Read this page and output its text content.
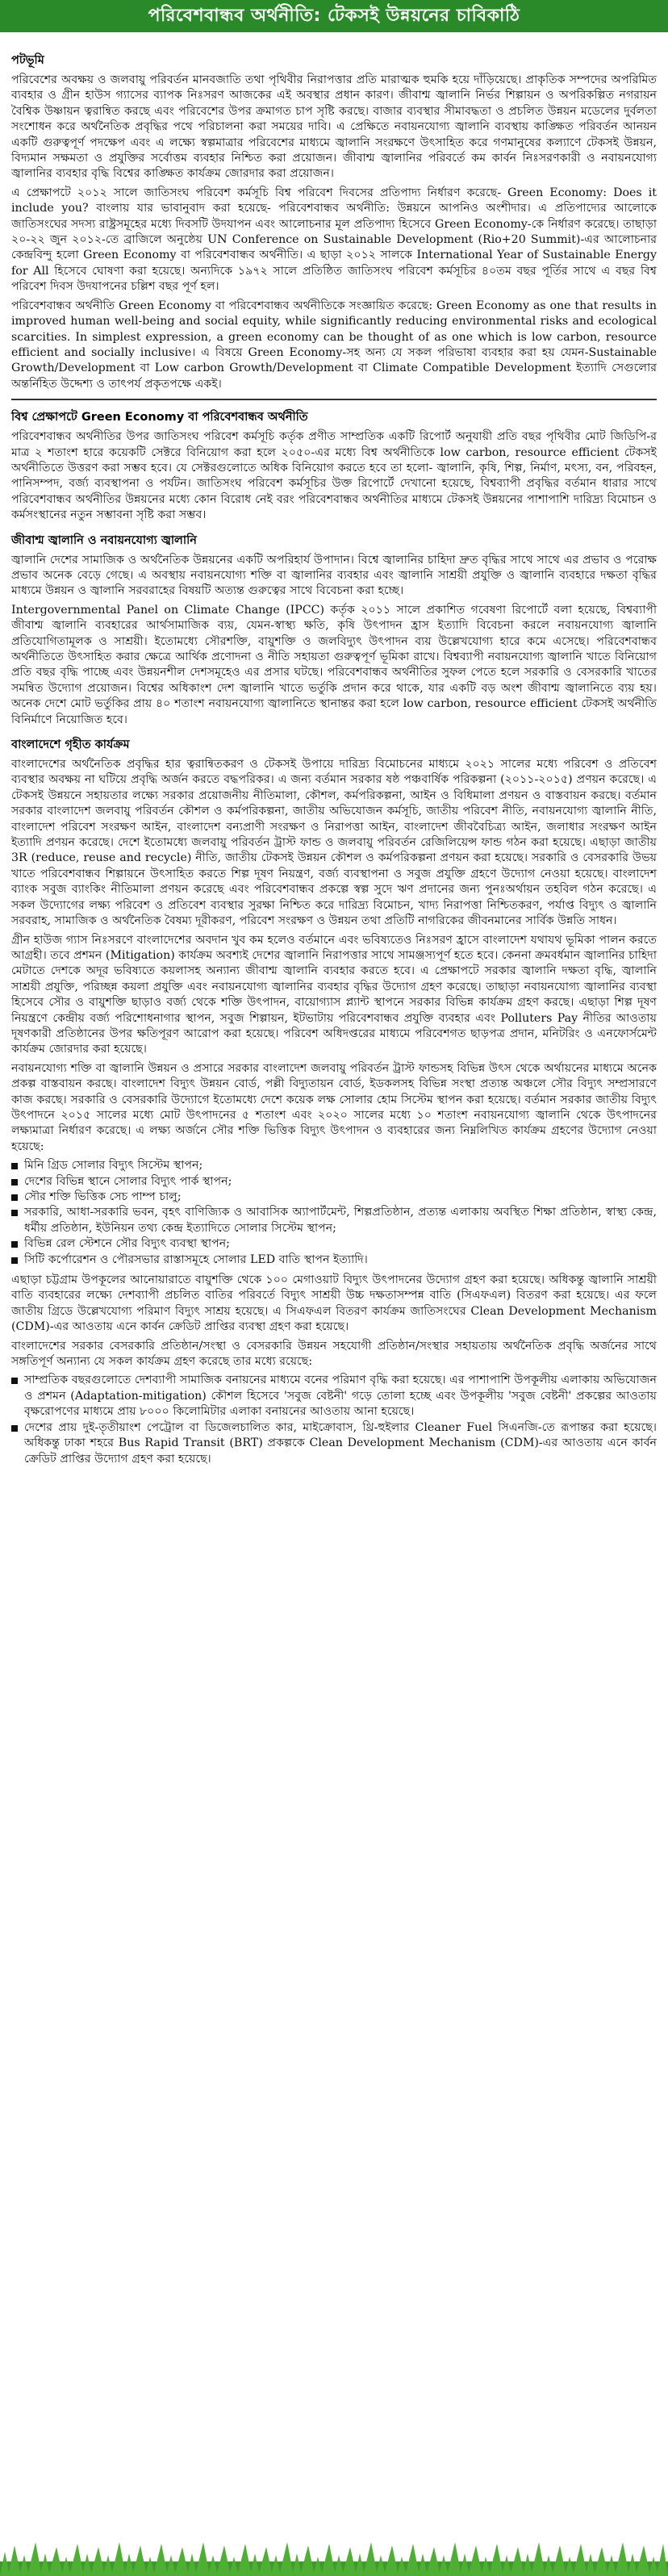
পরিবেশবান্ধব অর্থনীতি: টেকসই উন্নয়নের চাবিকাঠি
পটভূমি

পরিবেশের অবক্ষয় ও জলবায়ু পরিবর্তন মানবজাতি তথা পৃথিবীর নিরাপত্তার প্রতি মারাত্মক হুমকি হয়ে দাঁড়িয়েছে। প্রাকৃতিক সম্পদের অপরিমিত ব্যবহার ও গ্রীন হাউস গ্যাসের ব্যাপক নিঃসরণ আজকের এই অবস্থার প্রধান কারণ। জীবাশ্ম জ্বালানি নির্ভর শিল্পায়ন ও অপরিকল্পিত নগরায়ন বৈশ্বিক উষ্ণায়ন ত্বরান্বিত করছে এবং পরিবেশের উপর ক্রমাগত চাপ সৃষ্টি করছে। বাজার ব্যবস্থার সীমাবদ্ধতা ও প্রচলিত উন্নয়ন মডেলের দুর্বলতা সংশোধন করে অর্থনৈতিক প্রবৃদ্ধির পথে পরিচালনা করা সময়ের দাবি। এ প্রেক্ষিতে নবায়নযোগ্য জ্বালানি ব্যবস্থায় কাঙ্ক্ষিত পরিবর্তন আনয়ন একটি গুরুত্বপূর্ণ পদক্ষেপ এবং এ লক্ষ্যে স্বল্পমাত্রার পরিবেশের মাধ্যমে জ্বালানি সংরক্ষণে উৎসাহিত করে গণমানুষের কল্যাণে টেকসই উন্নয়ন, বিদ্যমান সক্ষমতা ও প্রযুক্তির সর্বোত্তম ব্যবহার নিশ্চিত করা প্রয়োজন। জীবাশ্ম জ্বালানির পরিবর্তে কম কার্বন নিঃসরণকারী ও নবায়নযোগ্য জ্বালানির ব্যবহার বৃদ্ধি বিশ্বের কাঙ্ক্ষিত কার্যক্রম জোরদার করা প্রয়োজন।

এ প্রেক্ষাপটে ২০১২ সালে জাতিসংঘ পরিবেশ কর্মসূচি বিশ্ব পরিবেশ দিবসের প্রতিপাদ্য নির্ধারণ করেছে- Green Economy: Does it include you? বাংলায় যার ভাবানুবাদ করা হয়েছে- পরিবেশবান্ধব অর্থনীতি: উন্নয়নে আপনিও অংশীদার। এ প্রতিপাদ্যের আলোকে জাতিসংঘের সদস্য রাষ্ট্রসমূহের মধ্যে দিবসটি উদযাপন এবং আলোচনার মূল প্রতিপাদ্য হিসেবে Green Economy-কে নির্ধারণ করেছে। তাছাড়া ২০-২২ জুন ২০১২-তে ব্রাজিলে অনুষ্ঠেয় UN Conference on Sustainable Development (Rio+20 Summit)-এর আলোচনার কেন্দ্রবিন্দু হলো Green Economy বা পরিবেশবান্ধব অর্থনীতি। এ ছাড়া ২০১২ সালকে International Year of Sustainable Energy for All হিসেবে ঘোষণা করা হয়েছে। অন্যদিকে ১৯৭২ সালে প্রতিষ্ঠিত জাতিসংঘ পরিবেশ কর্মসূচির ৪০তম বছর পূর্তির সাথে এ বছর বিশ্ব পরিবেশ দিবস উদযাপনের চল্লিশ বছর পূর্ণ হল।

পরিবেশবান্ধব অর্থনীতি Green Economy বা পরিবেশবান্ধব অর্থনীতিকে সংজ্ঞায়িত করেছে: Green Economy as one that results in improved human well-being and social equity, while significantly reducing environmental risks and ecological scarcities. In simplest expression, a green economy can be thought of as one which is low carbon, resource efficient and socially inclusive। এ বিষয়ে Green Economy-সহ অন্য যে সকল পরিভাষা ব্যবহার করা হয় যেমন-Sustainable Growth/Development বা Low carbon Growth/Development বা Climate Compatible Development ইত্যাদি সেগুলোর অন্তর্নিহিত উদ্দেশ্য ও তাৎপর্য প্রকৃতপক্ষে একই।

বিশ্ব প্রেক্ষাপটে Green Economy বা পরিবেশবান্ধব অর্থনীতি

পরিবেশবান্ধব অর্থনীতির উপর জাতিসংঘ পরিবেশ কর্মসূচি কর্তৃক প্রণীত সাম্প্রতিক একটি রিপোর্ট অনুযায়ী প্রতি বছর পৃথিবীর মোট জিডিপি-র মাত্র ২ শতাংশ হারে কয়েকটি সেক্টরে বিনিয়োগ করা হলে ২০৫০-এর মধ্যে বিশ্ব অর্থনীতিকে low carbon, resource efficient টেকসই অর্থনীতিতে উত্তরণ করা সম্ভব হবে। যে সেক্টরগুলোতে অধিক বিনিয়োগ করতে হবে তা হলো- জ্বালানি, কৃষি, শিল্প, নির্মাণ, মৎস্য, বন, পরিবহন, পানিসম্পদ, বর্জ্য ব্যবস্থাপনা ও পর্যটন। জাতিসংঘ পরিবেশ কর্মসূচির উক্ত রিপোর্টে দেখানো হয়েছে, বিশ্বব্যাপী প্রবৃদ্ধির বর্তমান ধারার সাথে পরিবেশবান্ধব অর্থনীতির উন্নয়নের মধ্যে কোন বিরোধ নেই বরং পরিবেশবান্ধব অর্থনীতির মাধ্যমে টেকসই উন্নয়নের পাশাপাশি দারিদ্র্য বিমোচন ও কর্মসংস্থানের নতুন সম্ভাবনা সৃষ্টি করা সম্ভব।

জীবাশ্ম জ্বালানি ও নবায়নযোগ্য জ্বালানি

জ্বালানি দেশের সামাজিক ও অর্থনৈতিক উন্নয়নের একটি অপরিহার্য উপাদান। বিশ্বে জ্বালানির চাহিদা দ্রুত বৃদ্ধির সাথে সাথে এর প্রভাব ও পরোক্ষ প্রভাব অনেক বেড়ে গেছে। এ অবস্থায় নবায়নযোগ্য শক্তি বা জ্বালানির ব্যবহার এবং জ্বালানি সাশ্রয়ী প্রযুক্তি ও জ্বালানি ব্যবহারে দক্ষতা বৃদ্ধির মাধ্যমে উন্নয়ন ও জ্বালানি সরবরাহের বিষয়টি অত্যন্ত গুরুত্বের সাথে বিবেচনা করা হচ্ছে।

Intergovernmental Panel on Climate Change (IPCC) কর্তৃক ২০১১ সালে প্রকাশিত গবেষণা রিপোর্টে বলা হয়েছে, বিশ্বব্যাপী জীবাশ্ম জ্বালানি ব্যবহারের আর্থসামাজিক ব্যয়, যেমন-স্বাস্থ্য ক্ষতি, কৃষি উৎপাদন হ্রাস ইত্যাদি বিবেচনা করলে নবায়নযোগ্য জ্বালানি প্রতিযোগিতামূলক ও সাশ্রয়ী। ইতোমধ্যে সৌরশক্তি, বায়ুশক্তি ও জলবিদ্যুৎ উৎপাদন ব্যয় উল্লেখযোগ্য হারে কমে এসেছে। পরিবেশবান্ধব অর্থনীতিতে উৎসাহিত করার ক্ষেত্রে আর্থিক প্রণোদনা ও নীতি সহায়তা গুরুত্বপূর্ণ ভূমিকা রাখে। বিশ্বব্যাপী নবায়নযোগ্য জ্বালানি খাতে বিনিয়োগ প্রতি বছর বৃদ্ধি পাচ্ছে এবং উন্নয়নশীল দেশসমূহেও এর প্রসার ঘটছে। পরিবেশবান্ধব অর্থনীতির সুফল পেতে হলে সরকারি ও বেসরকারি খাতের সমন্বিত উদ্যোগ প্রয়োজন। বিশ্বের অধিকাংশ দেশ জ্বালানি খাতে ভর্তুকি প্রদান করে থাকে, যার একটি বড় অংশ জীবাশ্ম জ্বালানিতে ব্যয় হয়। অনেক দেশে মোট ভর্তুকির প্রায় ৪০ শতাংশ নবায়নযোগ্য জ্বালানিতে স্থানান্তর করা হলে low carbon, resource efficient টেকসই অর্থনীতি বিনির্মাণে নিয়োজিত হবে।

বাংলাদেশে গৃহীত কার্যক্রম

বাংলাদেশের অর্থনৈতিক প্রবৃদ্ধির হার ত্বরান্বিতকরণ ও টেকসই উপায়ে দারিদ্র্য বিমোচনের মাধ্যমে ২০২১ সালের মধ্যে পরিবেশ ও প্রতিবেশ ব্যবস্থার অবক্ষয় না ঘটিয়ে প্রবৃদ্ধি অর্জন করতে বদ্ধপরিকর। এ জন্য বর্তমান সরকার ষষ্ঠ পঞ্চবার্ষিক পরিকল্পনা (২০১১-২০১৫) প্রণয়ন করেছে। এ টেকসই উন্নয়নে সহায়তার লক্ষ্যে সরকার প্রয়োজনীয় নীতিমালা, কৌশল, কর্মপরিকল্পনা, আইন ও বিধিমালা প্রণয়ন ও বাস্তবায়ন করছে। বর্তমান সরকার বাংলাদেশ জলবায়ু পরিবর্তন কৌশল ও কর্মপরিকল্পনা, জাতীয় অভিযোজন কর্মসূচি, জাতীয় পরিবেশ নীতি, নবায়নযোগ্য জ্বালানি নীতি, বাংলাদেশ পরিবেশ সংরক্ষণ আইন, বাংলাদেশ বন্যপ্রাণী সংরক্ষণ ও নিরাপত্তা আইন, বাংলাদেশ জীববৈচিত্র্য আইন, জলাধার সংরক্ষণ আইন ইত্যাদি প্রণয়ন করেছে। দেশে ইতোমধ্যে জলবায়ু পরিবর্তন ট্রাস্ট ফান্ড ও জলবায়ু পরিবর্তন রেজিলিয়েন্স ফান্ড গঠন করা হয়েছে। এছাড়া জাতীয় 3R (reduce, reuse and recycle) নীতি, জাতীয় টেকসই উন্নয়ন কৌশল ও কর্মপরিকল্পনা প্রণয়ন করা হয়েছে। সরকারি ও বেসরকারি উভয় খাতে পরিবেশবান্ধব শিল্পায়নে উৎসাহিত করতে শিল্প দূষণ নিয়ন্ত্রণ, বর্জ্য ব্যবস্থাপনা ও সবুজ প্রযুক্তি গ্রহণে উদ্যোগ নেওয়া হয়েছে। বাংলাদেশ ব্যাংক সবুজ ব্যাংকিং নীতিমালা প্রণয়ন করেছে এবং পরিবেশবান্ধব প্রকল্পে স্বল্প সুদে ঋণ প্রদানের জন্য পুনঃঅর্থায়ন তহবিল গঠন করেছে। এ সকল উদ্যোগের লক্ষ্য পরিবেশ ও প্রতিবেশ ব্যবস্থার সুরক্ষা নিশ্চিত করে দারিদ্র্য বিমোচন, খাদ্য নিরাপত্তা নিশ্চিতকরণ, পর্যাপ্ত বিদ্যুৎ ও জ্বালানি সরবরাহ, সামাজিক ও অর্থনৈতিক বৈষম্য দূরীকরণ, পরিবেশ সংরক্ষণ ও উন্নয়ন তথা প্রতিটি নাগরিকের জীবনমানের সার্বিক উন্নতি সাধন।

গ্রীন হাউজ গ্যাস নিঃসরণে বাংলাদেশের অবদান খুব কম হলেও বর্তমানে এবং ভবিষ্যতেও নিঃসরণ হ্রাসে বাংলাদেশ যথাযথ ভূমিকা পালন করতে আগ্রহী। তবে প্রশমন (Mitigation) কার্যক্রম অবশ্যই দেশের জ্বালানি নিরাপত্তার সাথে সামঞ্জস্যপূর্ণ হতে হবে। কেননা ক্রমবর্ধমান জ্বালানির চাহিদা মেটাতে দেশকে অদূর ভবিষ্যতে কয়লাসহ অন্যান্য জীবাশ্ম জ্বালানি ব্যবহার করতে হবে। এ প্রেক্ষাপটে সরকার জ্বালানি দক্ষতা বৃদ্ধি, জ্বালানি সাশ্রয়ী প্রযুক্তি, পরিচ্ছন্ন কয়লা প্রযুক্তি এবং নবায়নযোগ্য জ্বালানির ব্যবহার বৃদ্ধির উদ্যোগ গ্রহণ করেছে। তাছাড়া নবায়নযোগ্য জ্বালানির ব্যবস্থা হিসেবে সৌর ও বায়ুশক্তি ছাড়াও বর্জ্য থেকে শক্তি উৎপাদন, বায়োগ্যাস প্ল্যান্ট স্থাপনে সরকার বিভিন্ন কার্যক্রম গ্রহণ করছে। এছাড়া শিল্প দূষণ নিয়ন্ত্রণে কেন্দ্রীয় বর্জ্য পরিশোধনাগার স্থাপন, সবুজ শিল্পায়ন, ইটভাটায় পরিবেশবান্ধব প্রযুক্তি ব্যবহার এবং Polluters Pay নীতির আওতায় দূষণকারী প্রতিষ্ঠানের উপর ক্ষতিপূরণ আরোপ করা হয়েছে। পরিবেশ অধিদপ্তরের মাধ্যমে পরিবেশগত ছাড়পত্র প্রদান, মনিটরিং ও এনফোর্সমেন্ট কার্যক্রম জোরদার করা হয়েছে।

নবায়নযোগ্য শক্তি বা জ্বালানি উন্নয়ন ও প্রসারে সরকার বাংলাদেশ জলবায়ু পরিবর্তন ট্রাস্ট ফান্ডসহ বিভিন্ন উৎস থেকে অর্থায়নের মাধ্যমে অনেক প্রকল্প বাস্তবায়ন করছে। বাংলাদেশ বিদ্যুৎ উন্নয়ন বোর্ড, পল্লী বিদ্যুতায়ন বোর্ড, ইডকলসহ বিভিন্ন সংস্থা প্রত্যন্ত অঞ্চলে সৌর বিদ্যুৎ সম্প্রসারণে কাজ করছে। সরকারি ও বেসরকারি উদ্যোগে ইতোমধ্যে দেশে কয়েক লক্ষ সোলার হোম সিস্টেম স্থাপন করা হয়েছে। বর্তমান সরকার জাতীয় বিদ্যুৎ উৎপাদনে ২০১৫ সালের মধ্যে মোট উৎপাদনের ৫ শতাংশ এবং ২০২০ সালের মধ্যে ১০ শতাংশ নবায়নযোগ্য জ্বালানি থেকে উৎপাদনের লক্ষ্যমাত্রা নির্ধারণ করেছে। এ লক্ষ্য অর্জনে সৌর শক্তি ভিত্তিক বিদ্যুৎ উৎপাদন ও ব্যবহারের জন্য নিম্নলিখিত কার্যক্রম গ্রহণের উদ্যোগ নেওয়া হয়েছে:

মিনি গ্রিড সোলার বিদ্যুৎ সিস্টেম স্থাপন;
দেশের বিভিন্ন স্থানে সোলার বিদ্যুৎ পার্ক স্থাপন;
সৌর শক্তি ভিত্তিক সেচ পাম্প চালু;
সরকারি, আধা-সরকারি ভবন, বৃহৎ বাণিজ্যিক ও আবাসিক অ্যাপার্টমেন্ট, শিল্পপ্রতিষ্ঠান, প্রত্যন্ত এলাকায় অবস্থিত শিক্ষা প্রতিষ্ঠান, স্বাস্থ্য কেন্দ্র, ধর্মীয় প্রতিষ্ঠান, ইউনিয়ন তথ্য কেন্দ্র ইত্যাদিতে সোলার সিস্টেম স্থাপন;
বিভিন্ন রেল স্টেশনে সৌর বিদ্যুৎ ব্যবস্থা স্থাপন;
সিটি কর্পোরেশন ও পৌরসভার রাস্তাসমূহে সোলার LED বাতি স্থাপন ইত্যাদি।

এছাড়া চট্টগ্রাম উপকূলের আনোয়ারাতে বায়ুশক্তি থেকে ১০০ মেগাওয়াট বিদ্যুৎ উৎপাদনের উদ্যোগ গ্রহণ করা হয়েছে। অধিকন্তু জ্বালানি সাশ্রয়ী বাতি ব্যবহারের লক্ষ্যে দেশব্যাপী প্রচলিত বাতির পরিবর্তে বিদ্যুৎ সাশ্রয়ী উচ্চ দক্ষতাসম্পন্ন বাতি (সিএফএল) বিতরণ করা হয়েছে। এর ফলে জাতীয় গ্রিডে উল্লেখযোগ্য পরিমাণ বিদ্যুৎ সাশ্রয় হয়েছে। এ সিএফএল বিতরণ কার্যক্রম জাতিসংঘের Clean Development Mechanism (CDM)-এর আওতায় এনে কার্বন ক্রেডিট প্রাপ্তির ব্যবস্থা গ্রহণ করা হয়েছে।

বাংলাদেশের সরকার বেসরকারি প্রতিষ্ঠান/সংস্থা ও বেসরকারি উন্নয়ন সহযোগী প্রতিষ্ঠান/সংস্থার সহায়তায় অর্থনৈতিক প্রবৃদ্ধি অর্জনের সাথে সঙ্গতিপূর্ণ অন্যান্য যে সকল কার্যক্রম গ্রহণ করেছে তার মধ্যে রয়েছে:

সাম্প্রতিক বছরগুলোতে দেশব্যাপী সামাজিক বনায়নের মাধ্যমে বনের পরিমাণ বৃদ্ধি করা হয়েছে। এর পাশাপাশি উপকূলীয় এলাকায় অভিযোজন ও প্রশমন (Adaptation-mitigation) কৌশল হিসেবে 'সবুজ বেষ্টনী' গড়ে তোলা হচ্ছে এবং উপকূলীয় 'সবুজ বেষ্টনী' প্রকল্পের আওতায় বৃক্ষরোপণের মাধ্যমে প্রায় ৮০০০ কিলোমিটার এলাকা বনায়নের আওতায় আনা হয়েছে।
দেশের প্রায় দুই-তৃতীয়াংশ পেট্রোল বা ডিজেলচালিত কার, মাইক্রোবাস, থ্রি-হুইলার Cleaner Fuel সিএনজি-তে রূপান্তর করা হয়েছে। অধিকন্তু ঢাকা শহরে Bus Rapid Transit (BRT) প্রকল্পকে Clean Development Mechanism (CDM)-এর আওতায় এনে কার্বন ক্রেডিট প্রাপ্তির উদ্যোগ গ্রহণ করা হয়েছে।
